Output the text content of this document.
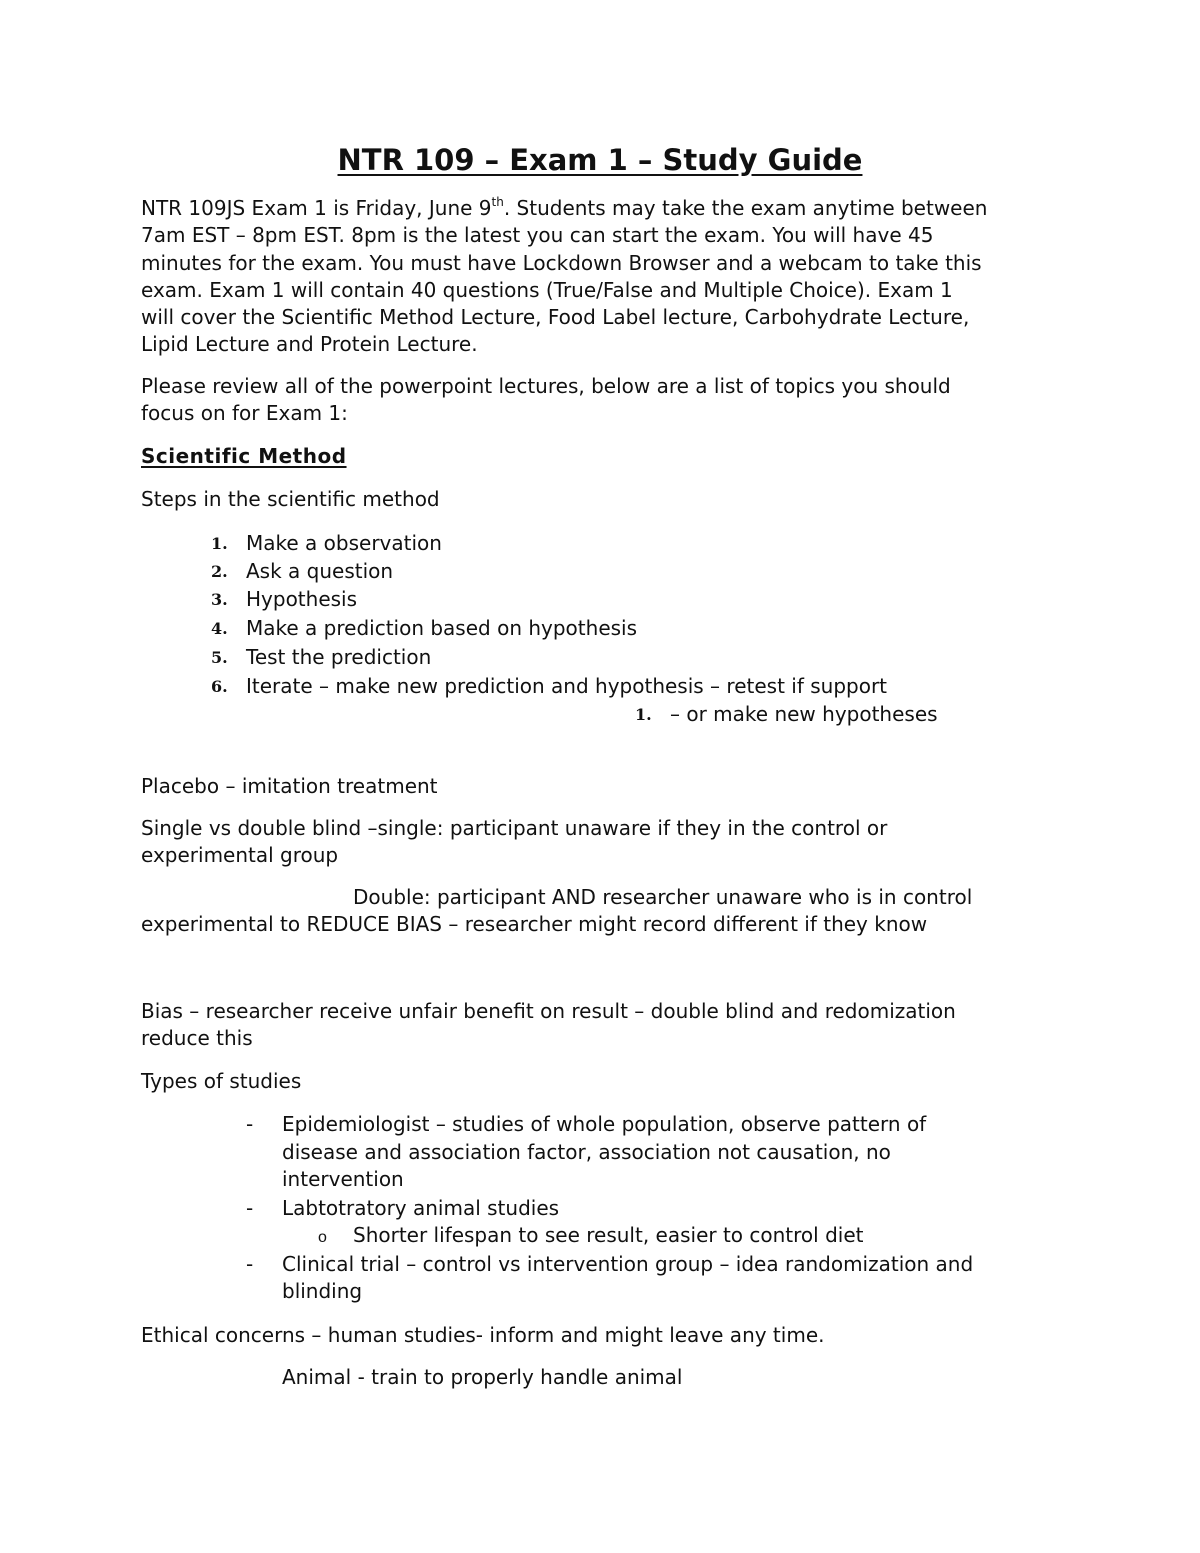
NTR 109 – Exam 1 – Study Guide

NTR 109JS Exam 1 is Friday, June 9th. Students may take the exam anytime between

7am EST – 8pm EST. 8pm is the latest you can start the exam. You will have 45

minutes for the exam. You must have Lockdown Browser and a webcam to take this

exam. Exam 1 will contain 40 questions (True/False and Multiple Choice). Exam 1

will cover the Scientific Method Lecture, Food Label lecture, Carbohydrate Lecture,

Lipid Lecture and Protein Lecture.

Please review all of the powerpoint lectures, below are a list of topics you should

focus on for Exam 1:

Scientific Method

Steps in the scientific method

1. Make a observation
2. Ask a question
3. Hypothesis
4. Make a prediction based on hypothesis
5. Test the prediction
6. Iterate – make new prediction and hypothesis – retest if support
1. – or make new hypotheses

Placebo – imitation treatment

Single vs double blind –single: participant unaware if they in the control or

experimental group

Double: participant AND researcher unaware who is in control

experimental to REDUCE BIAS – researcher might record different if they know

Bias – researcher receive unfair benefit on result – double blind and redomization

reduce this

Types of studies

- Epidemiologist – studies of whole population, observe pattern of
disease and association factor, association not causation, no
intervention
- Labtotratory animal studies
o Shorter lifespan to see result, easier to control diet
- Clinical trial – control vs intervention group – idea randomization and
blinding

Ethical concerns – human studies- inform and might leave any time.

Animal - train to properly handle animal
